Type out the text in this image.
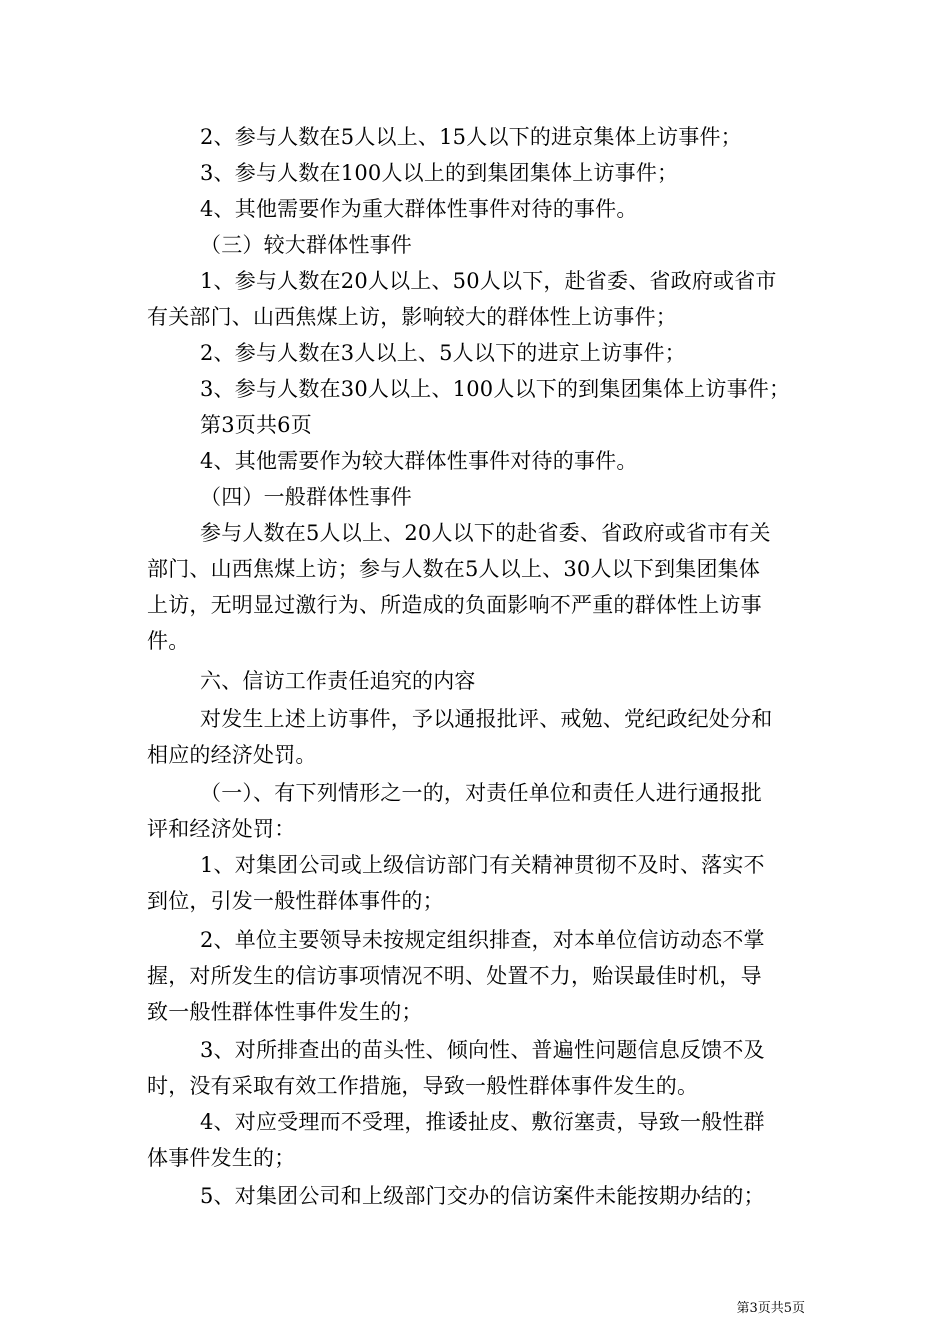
2、参与人数在5人以上、15人以下的进京集体上访事件；
3、参与人数在100人以上的到集团集体上访事件；
4、其他需要作为重大群体性事件对待的事件。
（三）较大群体性事件
1、参与人数在20人以上、50人以下，赴省委、省政府或省市
有关部门、山西焦煤上访，影响较大的群体性上访事件；
2、参与人数在3人以上、5人以下的进京上访事件；
3、参与人数在30人以上、100人以下的到集团集体上访事件；
第3页共6页
4、其他需要作为较大群体性事件对待的事件。
（四）一般群体性事件
参与人数在5人以上、20人以下的赴省委、省政府或省市有关
部门、山西焦煤上访；参与人数在5人以上、30人以下到集团集体
上访，无明显过激行为、所造成的负面影响不严重的群体性上访事
件。
六、信访工作责任追究的内容
对发生上述上访事件，予以通报批评、戒勉、党纪政纪处分和
相应的经济处罚。
（一）、有下列情形之一的，对责任单位和责任人进行通报批
评和经济处罚：
1、对集团公司或上级信访部门有关精神贯彻不及时、落实不
到位，引发一般性群体事件的；
2、单位主要领导未按规定组织排查，对本单位信访动态不掌
握，对所发生的信访事项情况不明、处置不力，贻误最佳时机，导
致一般性群体性事件发生的；
3、对所排查出的苗头性、倾向性、普遍性问题信息反馈不及
时，没有采取有效工作措施，导致一般性群体事件发生的。
4、对应受理而不受理，推诿扯皮、敷衍塞责，导致一般性群
体事件发生的；
5、对集团公司和上级部门交办的信访案件未能按期办结的；
第3页共5页
